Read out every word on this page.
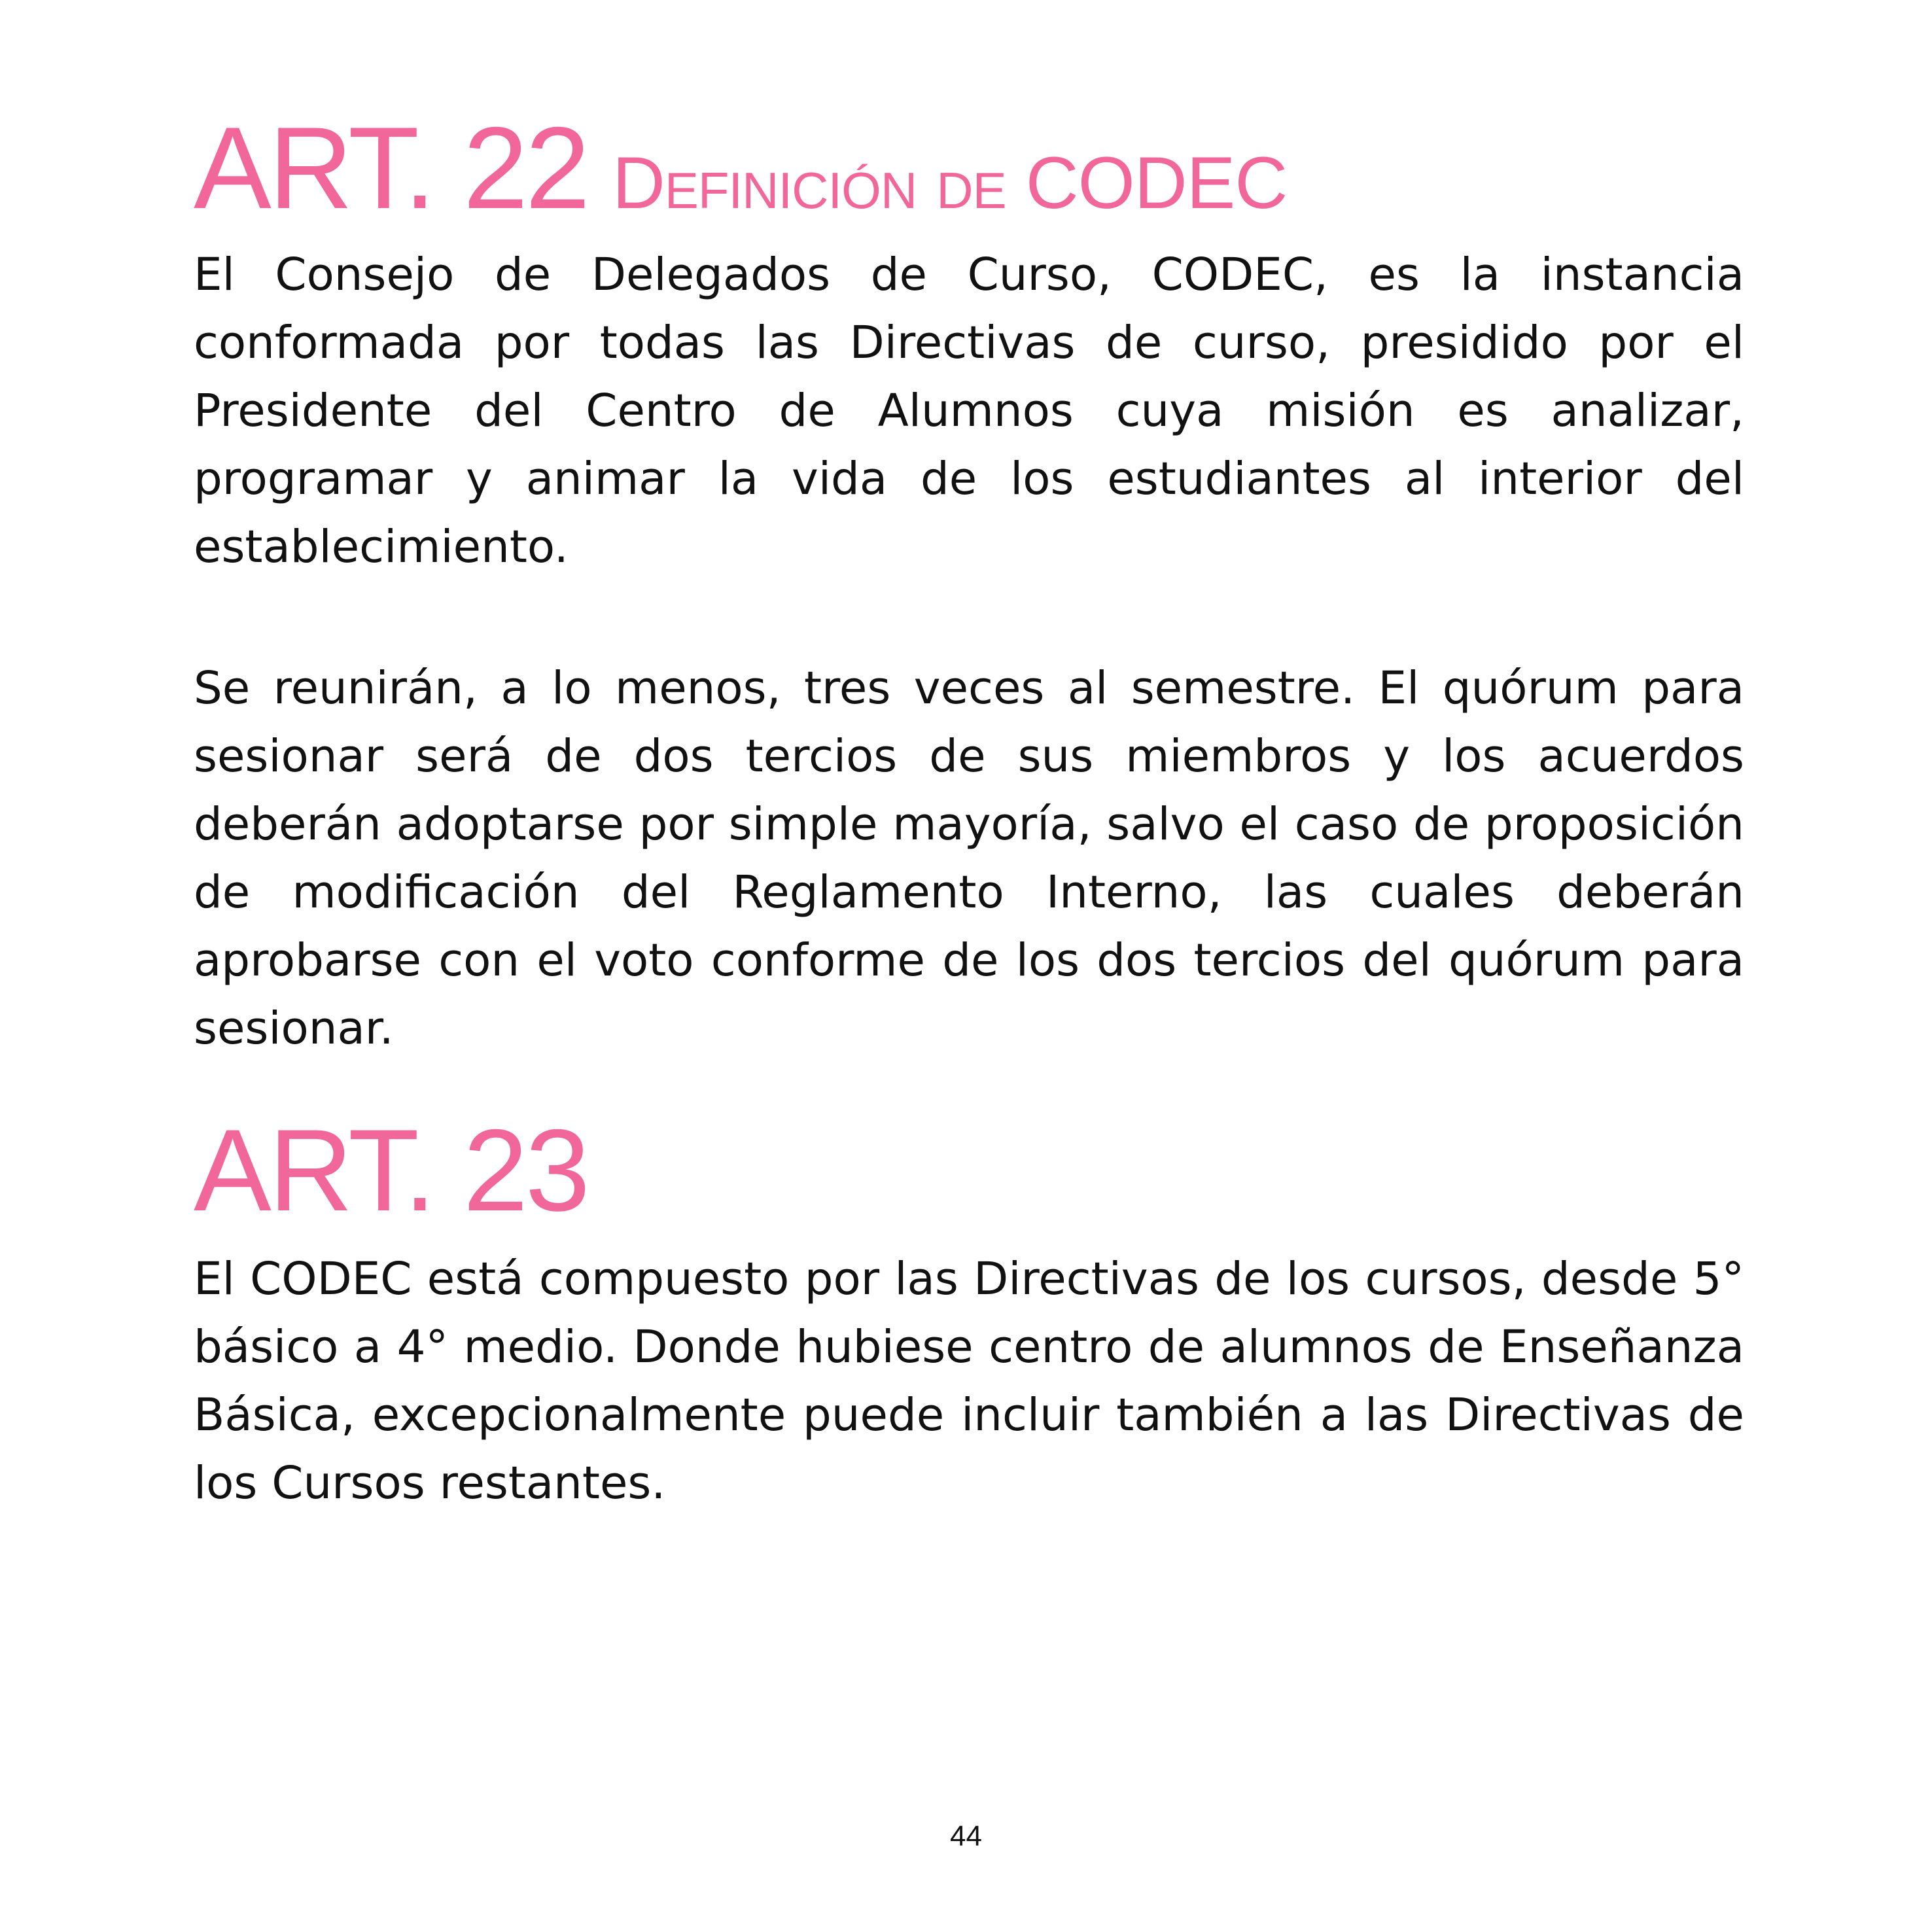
ART. 22 Definición de CODEC

El Consejo de Delegados de Curso, CODEC, es la instancia conformada por todas las Directivas de curso, presidido por el Presidente del Centro de Alumnos cuya misión es analizar, programar y animar la vida de los estudiantes al interior del establecimiento.

Se reunirán, a lo menos, tres veces al semestre. El quórum para sesionar será de dos tercios de sus miembros y los acuerdos deberán adoptarse por simple mayoría, salvo el caso de proposición de modificación del Reglamento Interno, las cuales deberán aprobarse con el voto conforme de los dos tercios del quórum para sesionar.

ART. 23

El CODEC está compuesto por las Directivas de los cursos, desde 5° básico a 4° medio. Donde hubiese centro de alumnos de Enseñanza Básica, excepcionalmente puede incluir también a las Directivas de los Cursos restantes.

44
